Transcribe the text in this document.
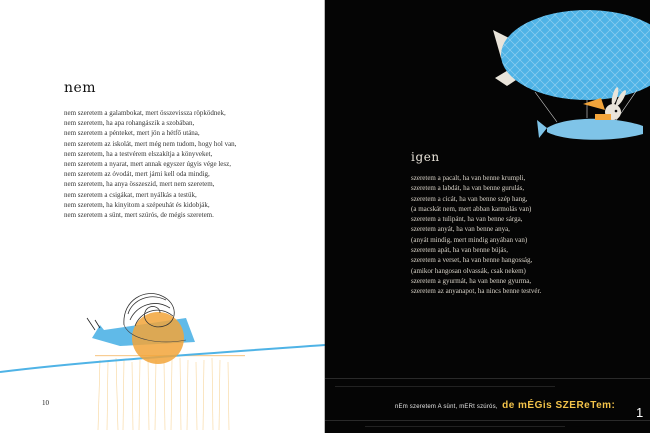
nem
nem szeretem a galambokat, mert összevissza röpködnek,
nem szeretem, ha apa rohangászik a szobában,
nem szeretem a pénteket, mert jön a hétfő utána,
nem szeretem az iskolát, mert még nem tudom, hogy hol van,
nem szeretem, ha a testvérem elszakítja a könyveket,
nem szeretem a nyarat, mert annak egyszer úgyis vége lesz,
nem szeretem az óvodát, mert járni kell oda mindig,
nem szeretem, ha anya összeszid, mert nem szeretem,
nem szeretem a csigákat, mert nyálkás a testük,
nem szeretem, ha kinyitom a szépeuhát és kidobják,
nem szeretem a sünt, mert szúrós, de mégis szeretem.
10
igen
szeretem a pacalt, ha van benne krumpli,
szeretem a labdát, ha van benne gurulás,
szeretem a cicát, ha van benne szép hang,
(a macskát nem, mert abban karmolás van)
szeretem a tulipánt, ha van benne sárga,
szeretem anyát, ha van benne anya,
(anyát mindig, mert mindig anyában van)
szeretem apát, ha van benne bújás,
szeretem a verset, ha van benne hangosság,
(amikor hangosan olvassák, csak nekem)
szeretem a gyurmát, ha van benne gyurma,
szeretem az anyanapot, ha nincs benne testvér.
nEm szeretem A sünt, mERt szúrós, de mÉGis SZEReTem: 1
